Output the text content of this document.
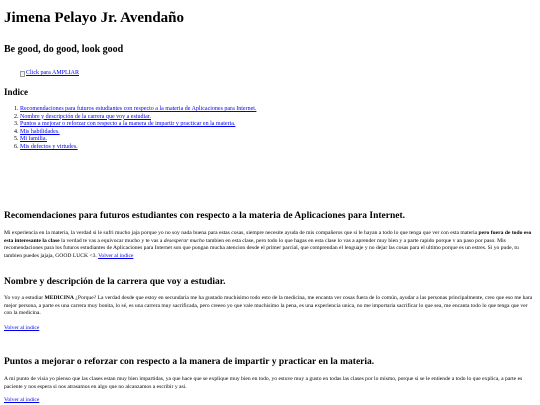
Jimena Pelayo Jr. Avendaño
Be good, do good, look good
Click para AMPLIAR
Indice
1. Recomendaciones para futuros estudiantes con respecto a la materia de Aplicaciones para Internet.
2. Nombre y descripción de la carrera que voy a estudiar.
3. Puntos a mejorar o reforzar con respecto a la manera de impartir y practicar en la materia.
4. Mis habilidades.
5. Mi familia.
6. Mis defectos y virtudes.
Recomendaciones para futuros estudiantes con respecto a la materia de Aplicaciones para Internet.

Mi experiencia en la materia, la verdad si le sufri mucho jaja porque yo no soy nada buena para estas cosas, siempre necesite ayuda de mis compañeros que si le hayan a todo lo que tenga que ver con esta materia pero fuera de todo eso esta interesante la clase la verdad te vas a equivocar mucho y te vas a desesperar mucho tambien en esta clase, pero todo lo que hagas en esta clase lo vas a aprender muy bien y a parte rapido porque v an paso por paso. Mis recomendaciones para los futuros estudiantes de Aplicaciones para Internet son que pongan mucha atencion desde el primer parcial, que comprendan el lenguaje y no dejar las cosas para el ultimo porque es un estres. Si yo pude, tu tambien puedes jajaja, GOOD LUCK <3. Volver al indice

Nombre y descripción de la carrera que voy a estudiar.

Yo voy a estudiar MEDICINA ¿Porque? La verdad desde que estoy en secundaria me ha gustado muchisimo todo esto de la medicina, me encanta ver cosas fuera de lo común, ayudar a las personas principalmente, creo que eso me hara mejor persona, a parte es una carrera muy bonita, lo sé, es una carrera muy sacrificada, pero creeeo yo que vale muchisimo la pena, es una experiencia unica, no me importaria sacrificar lo que sea, me encanta todo lo que tenga que ver con la medicina.

Volver al indice
Puntos a mejorar o reforzar con respecto a la manera de impartir y practicar en la materia.

A mi punto de visia yo pienso que las clases estan muy bien impartidas, ya que hace que se explique muy bien en todo, yo estuve muy a gusto en todas las clases por lo mismo, porque si se le entiende a todo lo que explica, a parte es paciente y nos espera si nos atrasamos en algo que no alcanzamos a escribir y asi.

Volver al indice
